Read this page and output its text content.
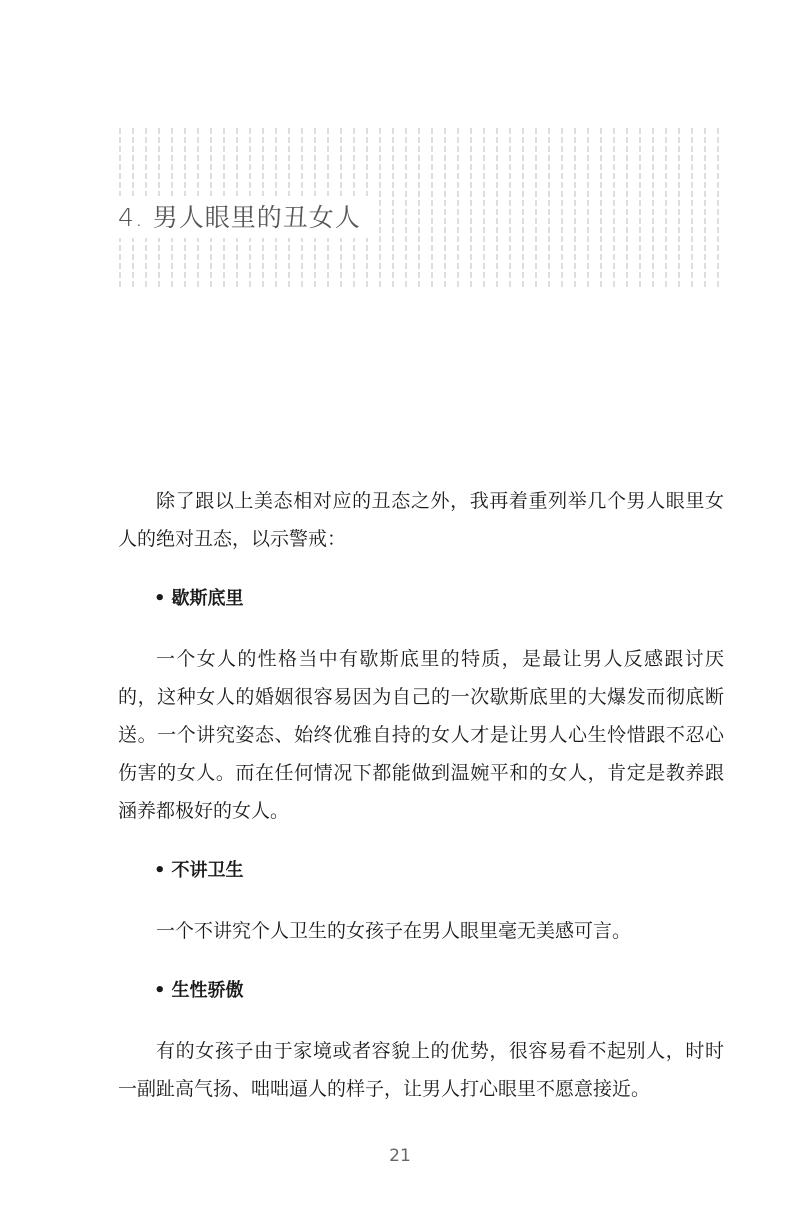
4. 男人眼里的丑女人

除了跟以上美态相对应的丑态之外，我再着重列举几个男人眼里女人的绝对丑态，以示警戒：

• 歇斯底里

一个女人的性格当中有歇斯底里的特质，是最让男人反感跟讨厌的，这种女人的婚姻很容易因为自己的一次歇斯底里的大爆发而彻底断送。一个讲究姿态、始终优雅自持的女人才是让男人心生怜惜跟不忍心伤害的女人。而在任何情况下都能做到温婉平和的女人，肯定是教养跟涵养都极好的女人。

• 不讲卫生

一个不讲究个人卫生的女孩子在男人眼里毫无美感可言。

• 生性骄傲

有的女孩子由于家境或者容貌上的优势，很容易看不起别人，时时一副趾高气扬、咄咄逼人的样子，让男人打心眼里不愿意接近。

21
